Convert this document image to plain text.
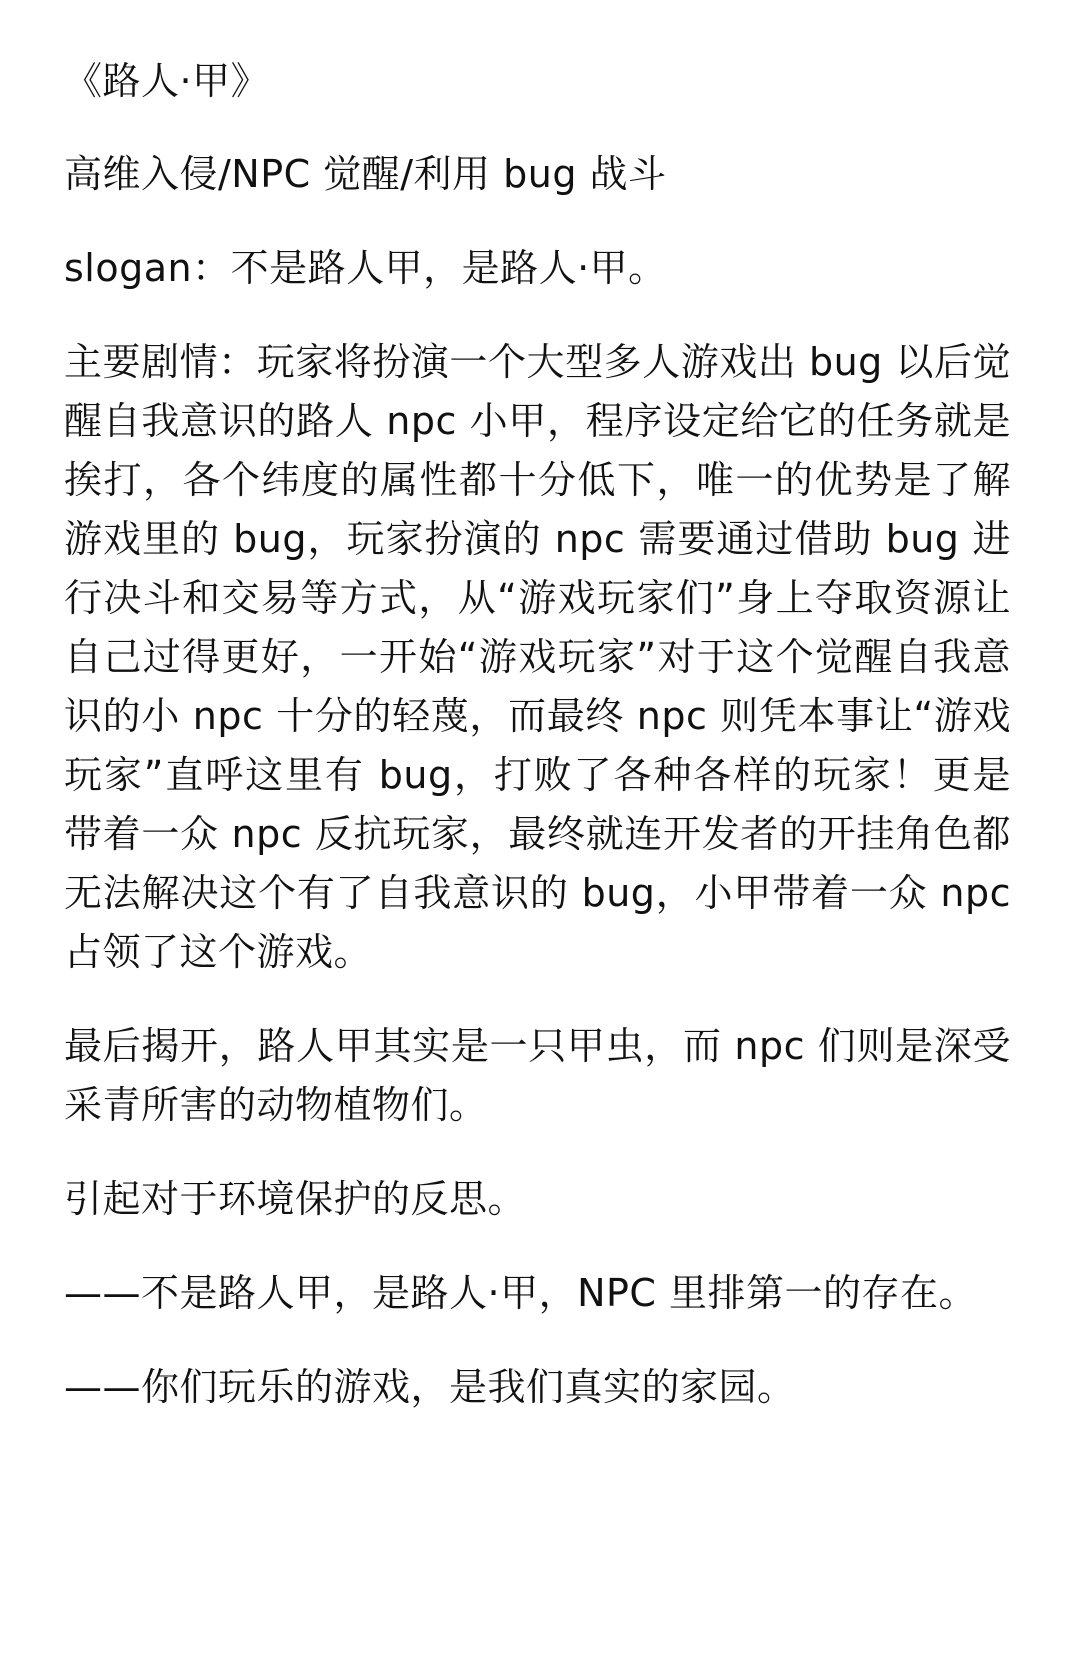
《路人·甲》

高维入侵/NPC 觉醒/利用 bug 战斗

slogan：不是路人甲，是路人·甲。

主要剧情：玩家将扮演一个大型多人游戏出 bug 以后觉醒自我意识的路人 npc 小甲，程序设定给它的任务就是挨打，各个纬度的属性都十分低下，唯一的优势是了解游戏里的 bug，玩家扮演的 npc 需要通过借助 bug 进行决斗和交易等方式，从“游戏玩家们”身上夺取资源让自己过得更好，一开始“游戏玩家”对于这个觉醒自我意识的小 npc 十分的轻蔑，而最终 npc 则凭本事让“游戏玩家”直呼这里有 bug，打败了各种各样的玩家！更是带着一众 npc 反抗玩家，最终就连开发者的开挂角色都无法解决这个有了自我意识的 bug，小甲带着一众 npc 占领了这个游戏。

最后揭开，路人甲其实是一只甲虫，而 npc 们则是深受采青所害的动物植物们。

引起对于环境保护的反思。

——不是路人甲，是路人·甲，NPC 里排第一的存在。

——你们玩乐的游戏，是我们真实的家园。
